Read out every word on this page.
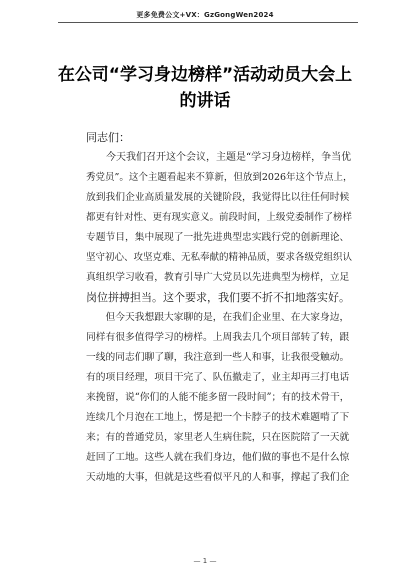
更多免费公文+VX：GzGongWen2024
在公司“学习身边榜样”活动动员大会上
的讲话
同志们：
　　今天我们召开这个会议，主题是“学习身边榜样，争当优
秀党员”。这个主题看起来不算新，但放到2026年这个节点上，
放到我们企业高质量发展的关键阶段，我觉得比以往任何时候
都更有针对性、更有现实意义。前段时间，上级党委制作了榜样
专题节目，集中展现了一批先进典型忠实践行党的创新理论、
坚守初心、攻坚克难、无私奉献的精神品质，要求各级党组织认
真组织学习收看，教育引导广大党员以先进典型为榜样，立足
岗位拼搏担当。这个要求，我们要不折不扣地落实好。
　　但今天我想跟大家聊的是，在我们企业里、在大家身边，
同样有很多值得学习的榜样。上周我去几个项目部转了转，跟
一线的同志们聊了聊，我注意到一些人和事，让我很受触动。
有的项目经理，项目干完了、队伍撤走了，业主却再三打电话
来挽留，说“你们的人能不能多留一段时间”；有的技术骨干，
连续几个月泡在工地上，愣是把一个卡脖子的技术难题啃了下
来；有的普通党员，家里老人生病住院，只在医院陪了一天就
赶回了工地。这些人就在我们身边，他们做的事也不是什么惊
天动地的大事，但就是这些看似平凡的人和事，撑起了我们企
— 1 —
